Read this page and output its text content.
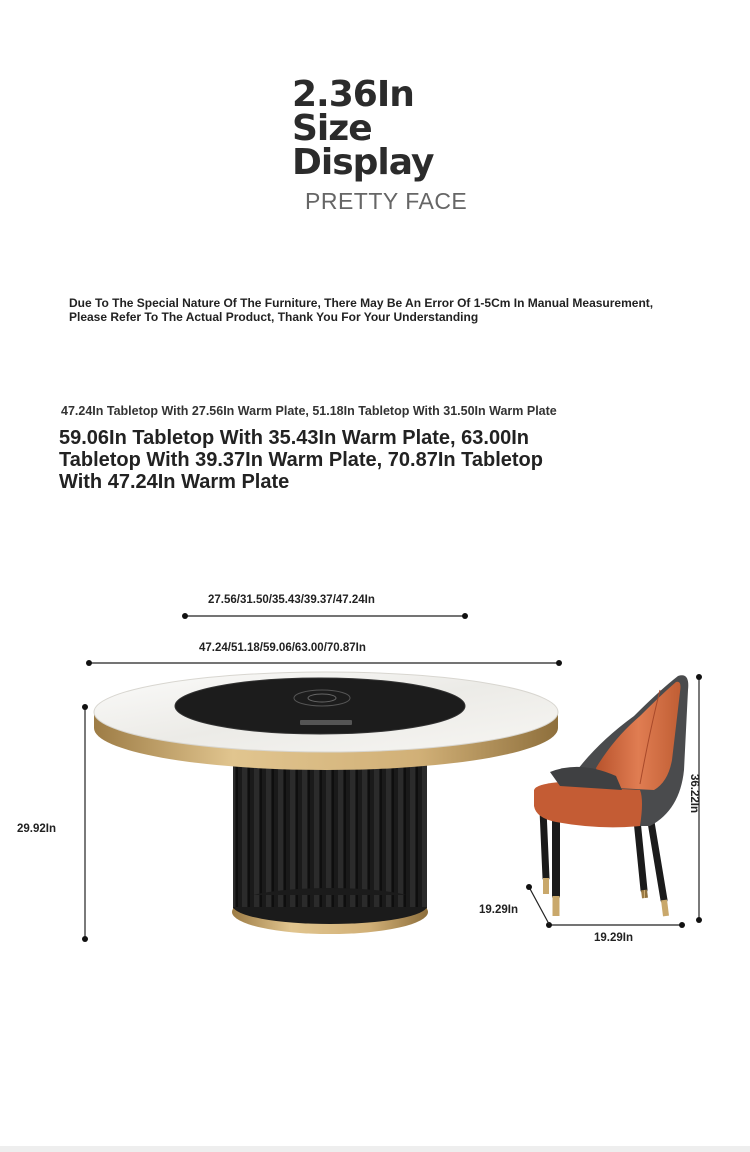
2.36In
Size
Display
PRETTY FACE
Due To The Special Nature Of The Furniture, There May Be An Error Of 1-5Cm In Manual Measurement, Please Refer To The Actual Product, Thank You For Your Understanding
47.24In Tabletop With 27.56In Warm Plate, 51.18In Tabletop With 31.50In Warm Plate
59.06In Tabletop With 35.43In Warm Plate, 63.00In Tabletop With 39.37In Warm Plate, 70.87In Tabletop With 47.24In Warm Plate
27.56/31.50/35.43/39.37/47.24In
47.24/51.18/59.06/63.00/70.87In
29.92In
36.22In
19.29In
19.29In
